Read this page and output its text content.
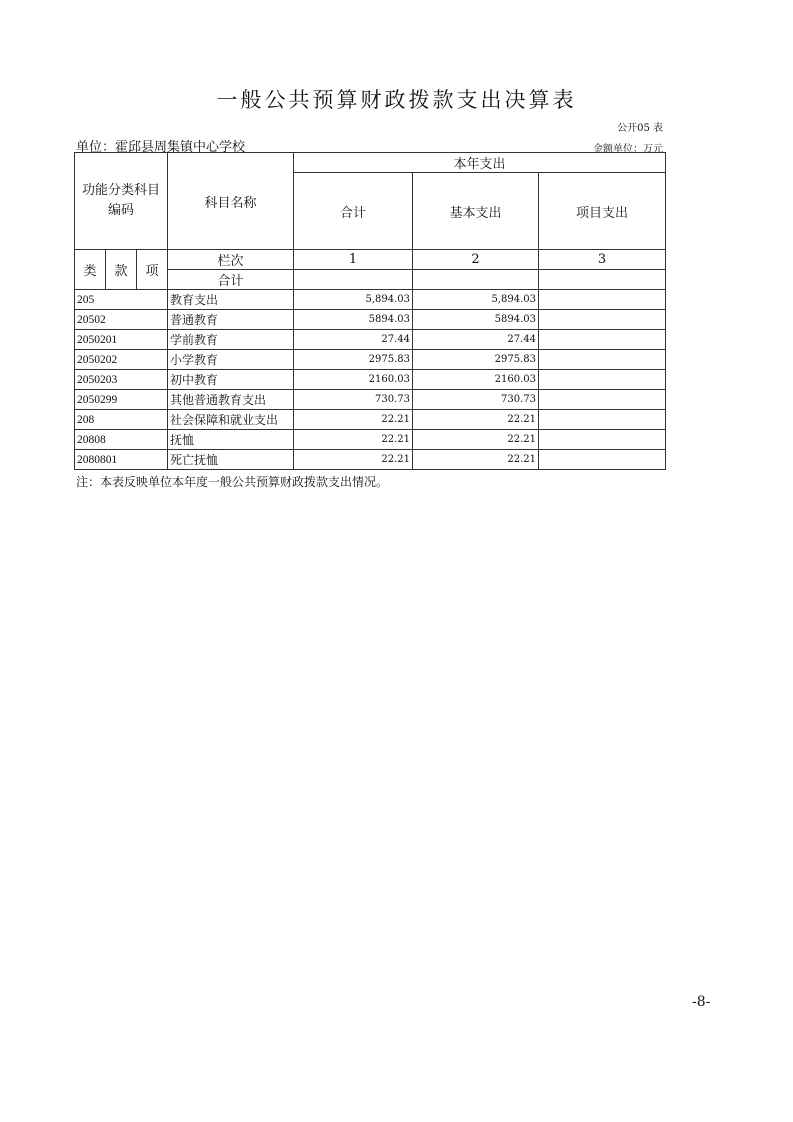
一般公共预算财政拨款支出决算表
公开05 表
单位：霍邱县周集镇中心学校	金额单位：万元
功能分类科目编码			科目名称	本年支出		
				合计	基本支出	项目支出

类	款	项	栏次	1	2	3
			合计			
205			教育支出	5,894.03	5,894.03	
20502			普通教育	5894.03	5894.03	
2050201			学前教育	27.44	27.44	
2050202			小学教育	2975.83	2975.83	
2050203			初中教育	2160.03	2160.03	
2050299			其他普通教育支出	730.73	730.73	
208			社会保障和就业支出	22.21	22.21	
20808			抚恤	22.21	22.21	
2080801			死亡抚恤	22.21	22.21	
注：本表反映单位本年度一般公共预算财政拨款支出情况。
-8-
